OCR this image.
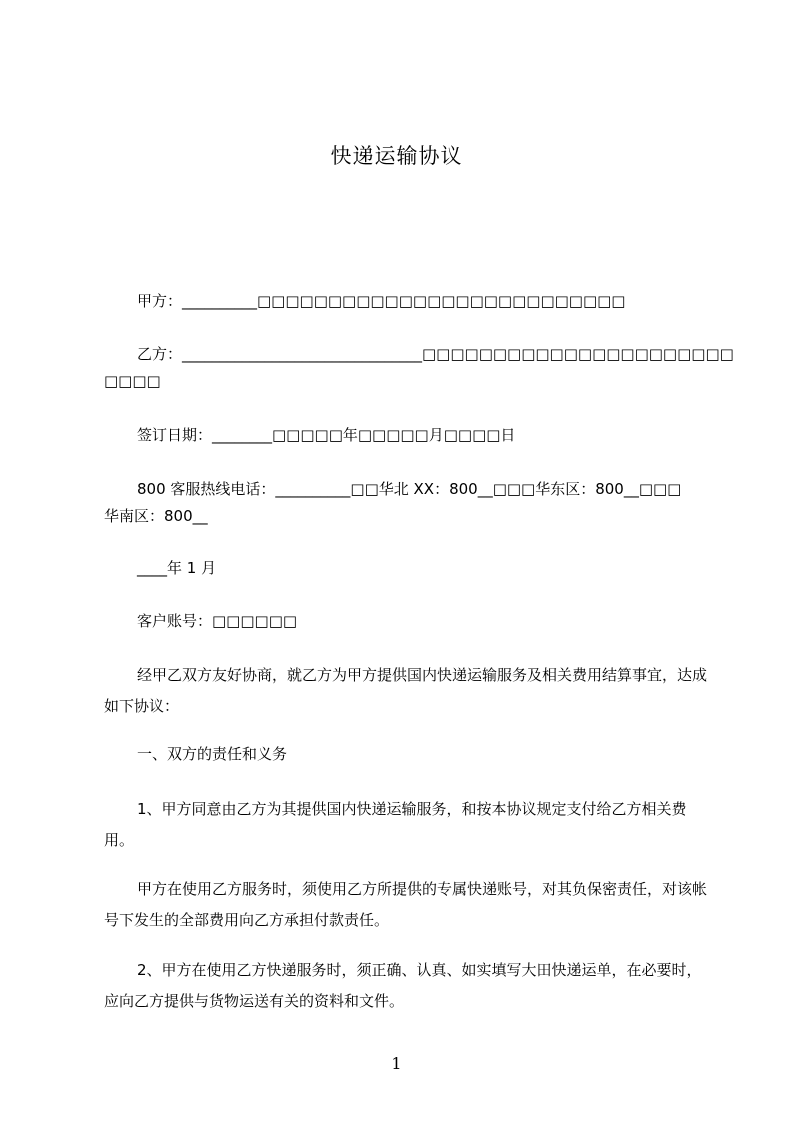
快递运输协议
甲方：__________□□□□□□□□□□□□□□□□□□□□□□□□□□
乙方：________________________________□□□□□□□□□□□□□□□□□□□□□□
□□□□
签订日期：________□□□□□年□□□□□月□□□□日
800 客服热线电话：__________□□华北 XX：800__□□□华东区：800__□□□
华南区：800__
____年 1 月
客户账号：□□□□□□
经甲乙双方友好协商，就乙方为甲方提供国内快递运输服务及相关费用结算事宜，达成如下协议：
一、双方的责任和义务
1、甲方同意由乙方为其提供国内快递运输服务，和按本协议规定支付给乙方相关费用。
甲方在使用乙方服务时，须使用乙方所提供的专属快递账号，对其负保密责任，对该帐号下发生的全部费用向乙方承担付款责任。
2、甲方在使用乙方快递服务时，须正确、认真、如实填写大田快递运单，在必要时，应向乙方提供与货物运送有关的资料和文件。
1
